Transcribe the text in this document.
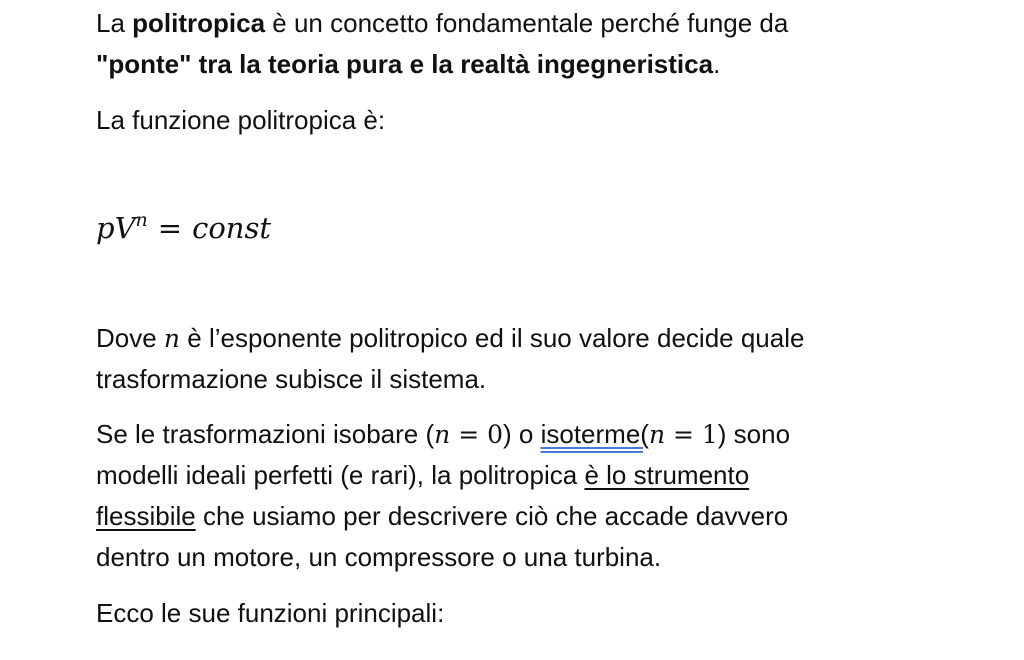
La politropica è un concetto fondamentale perché funge da
"ponte" tra la teoria pura e la realtà ingegneristica.
La funzione politropica è:
$pV^n$ = const
Dove n è l’esponente politropico ed il suo valore decide quale
trasformazione subisce il sistema.
Se le trasformazioni isobare (n = 0) o isoterme(n = 1) sono
modelli ideali perfetti (e rari), la politropica è lo strumento
flessibile che usiamo per descrivere ciò che accade davvero
dentro un motore, un compressore o una turbina.
Ecco le sue funzioni principali:
